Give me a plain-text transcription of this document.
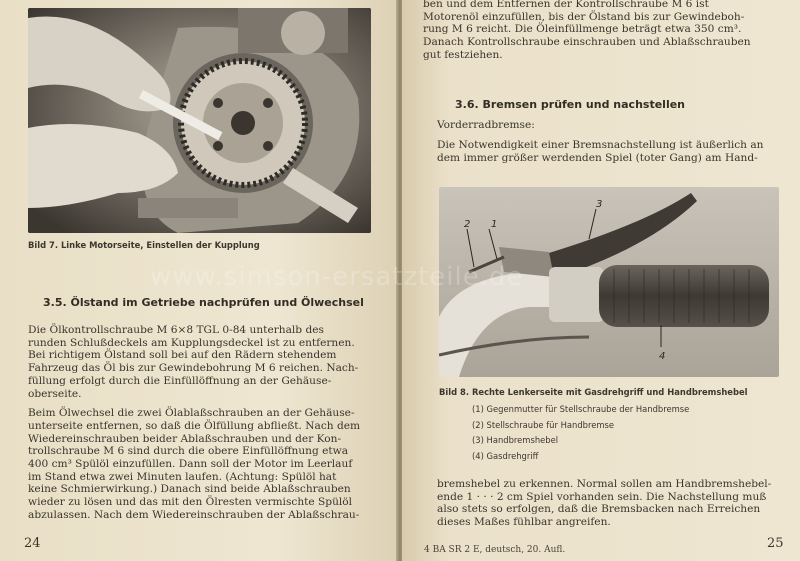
Bild 7. Linke Motorseite, Einstellen der Kupplung
3.5. Ölstand im Getriebe nachprüfen und Ölwechsel

Die Ölkontrollschraube M 6×8 TGL 0-84 unterhalb des

runden Schlußdeckels am Kupplungsdeckel ist zu entfernen.

Bei richtigem Ölstand soll bei auf den Rädern stehendem

Fahrzeug das Öl bis zur Gewindebohrung M 6 reichen. Nach-

füllung erfolgt durch die Einfüllöffnung an der Gehäuse-

oberseite.

Beim Ölwechsel die zwei Ölablaßschrauben an der Gehäuse-

unterseite entfernen, so daß die Ölfüllung abfließt. Nach dem

Wiedereinschrauben beider Ablaßschrauben und der Kon-

trollschraube M 6 sind durch die obere Einfüllöffnung etwa

400 cm³ Spülöl einzufüllen. Dann soll der Motor im Leerlauf

im Stand etwa zwei Minuten laufen. (Achtung: Spülöl hat

keine Schmierwirkung.) Danach sind beide Ablaßschrauben

wieder zu lösen und das mit den Ölresten vermischte Spülöl

abzulassen. Nach dem Wiedereinschrauben der Ablaßschrau-

24

ben und dem Entfernen der Kontrollschraube M 6 ist

Motorenöl einzufüllen, bis der Ölstand bis zur Gewindeboh-

rung M 6 reicht. Die Öleinfüllmenge beträgt etwa 350 cm³.

Danach Kontrollschraube einschrauben und Ablaßschrauben

gut festziehen.

3.6. Bremsen prüfen und nachstellen

Vorderradbremse:

Die Notwendigkeit einer Bremsnachstellung ist äußerlich an

dem immer größer werdenden Spiel (toter Gang) am Hand-

1
2
3
4
Bild 8. Rechte Lenkerseite mit Gasdrehgriff und Handbremshebel
(1) Gegenmutter für Stellschraube der Handbremse
(2) Stellschraube für Handbremse
(3) Handbremshebel
(4) Gasdrehgriff

bremshebel zu erkennen. Normal sollen am Handbremshebel-

ende 1 · · · 2 cm Spiel vorhanden sein. Die Nachstellung muß

also stets so erfolgen, daß die Bremsbacken nach Erreichen

dieses Maßes fühlbar angreifen.

4 BA SR 2 E, deutsch, 20. Aufl.	25
www.simson-ersatzteile.de
